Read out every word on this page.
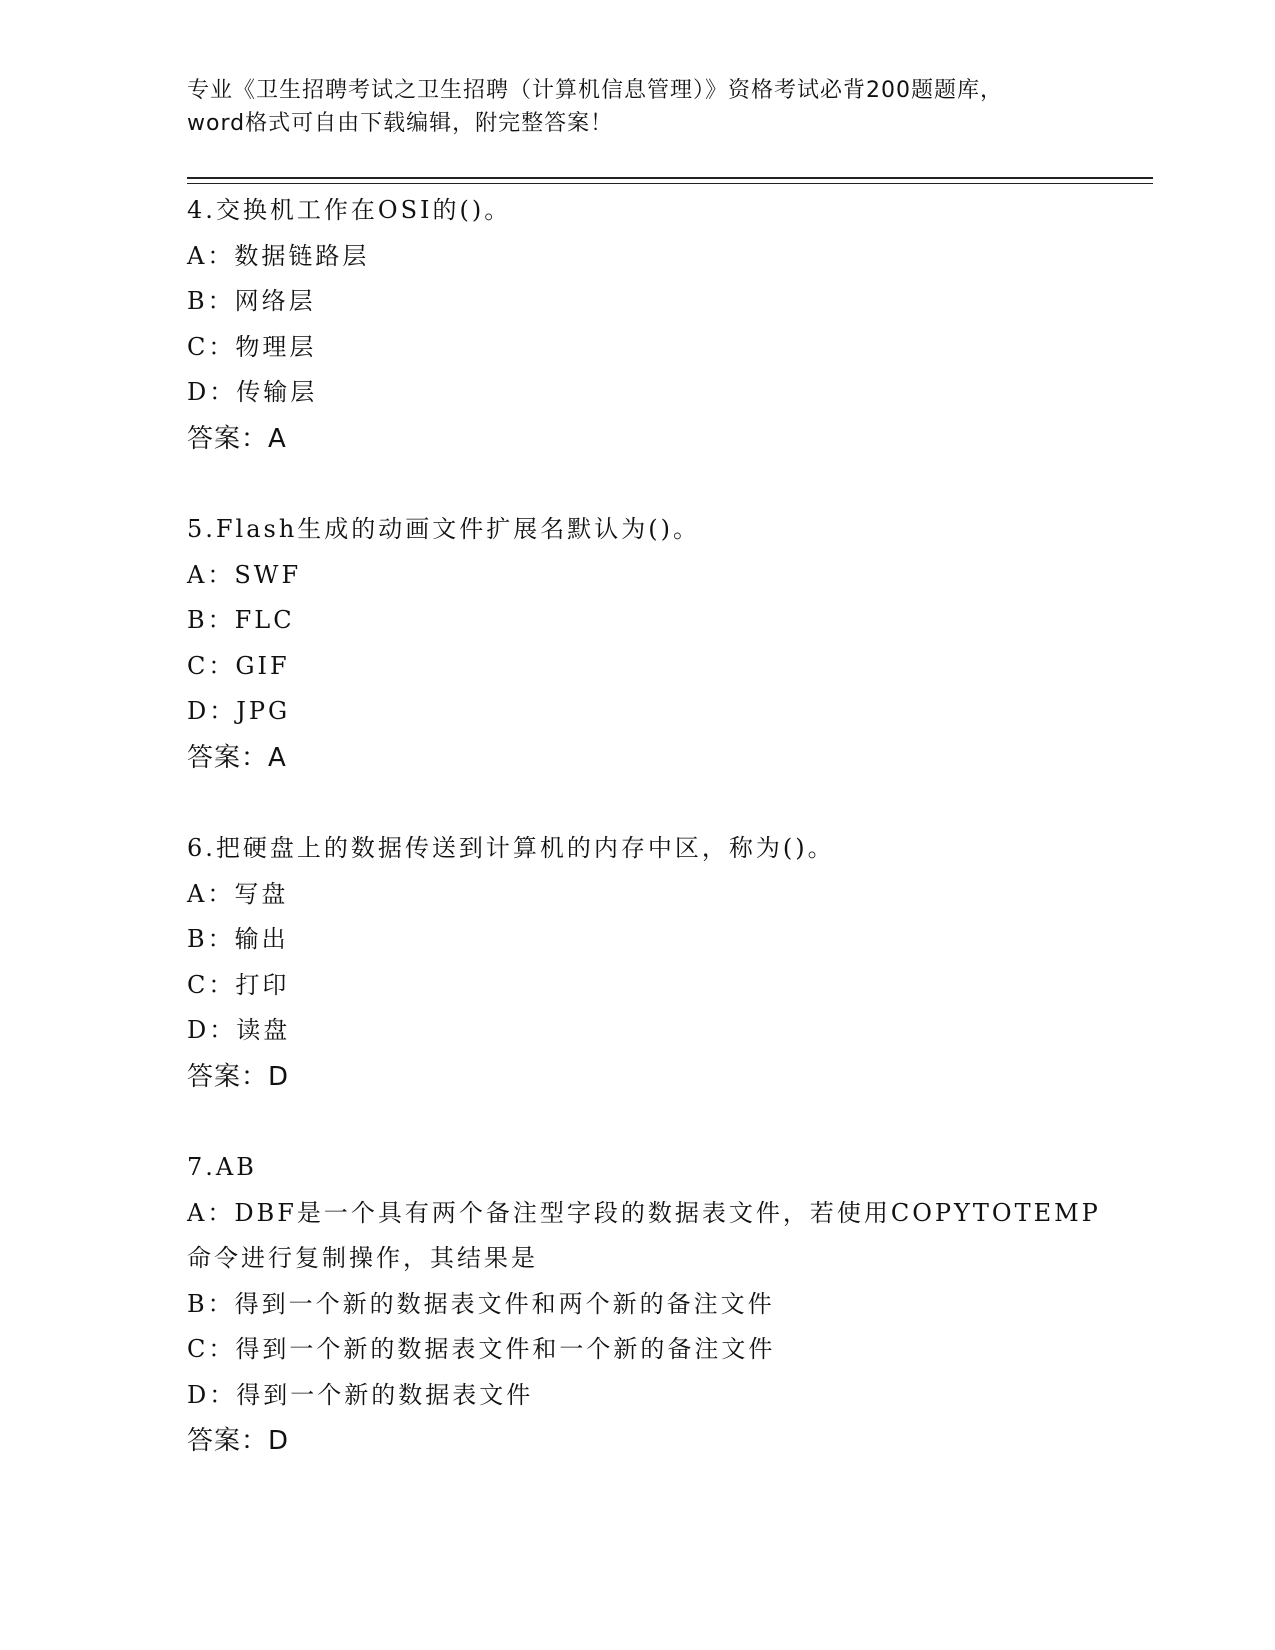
专业《卫生招聘考试之卫生招聘（计算机信息管理）》资格考试必背200题题库，
word格式可自由下载编辑，附完整答案！
4.交换机工作在OSI的()。
A：数据链路层
B：网络层
C：物理层
D：传输层
答案：A
5.Flash生成的动画文件扩展名默认为()。
A：SWF
B：FLC
C：GIF
D：JPG
答案：A
6.把硬盘上的数据传送到计算机的内存中区，称为()。
A：写盘
B：输出
C：打印
D：读盘
答案：D
7.AB
A：DBF是一个具有两个备注型字段的数据表文件，若使用COPYTOTEMP
命令进行复制操作，其结果是
B：得到一个新的数据表文件和两个新的备注文件
C：得到一个新的数据表文件和一个新的备注文件
D：得到一个新的数据表文件
答案：D
